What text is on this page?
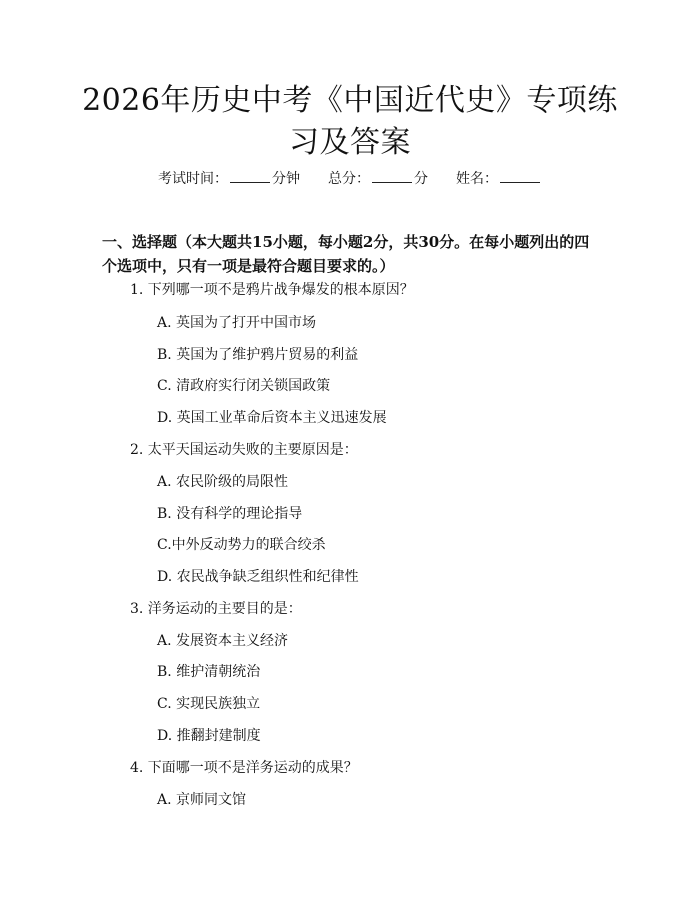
2026年历史中考《中国近代史》专项练习及答案
考试时间：	分钟 总分：	分 姓名：
一、选择题（本大题共15小题，每小题2分，共30分。在每小题列出的四个选项中，只有一项是最符合题目要求的。）
1. 下列哪一项不是鸦片战争爆发的根本原因？
A. 英国为了打开中国市场
B. 英国为了维护鸦片贸易的利益
C. 清政府实行闭关锁国政策
D. 英国工业革命后资本主义迅速发展
2. 太平天国运动失败的主要原因是：
A. 农民阶级的局限性
B. 没有科学的理论指导
C.中外反动势力的联合绞杀
D. 农民战争缺乏组织性和纪律性
3. 洋务运动的主要目的是：
A. 发展资本主义经济
B. 维护清朝统治
C. 实现民族独立
D. 推翻封建制度
4. 下面哪一项不是洋务运动的成果？
A. 京师同文馆
